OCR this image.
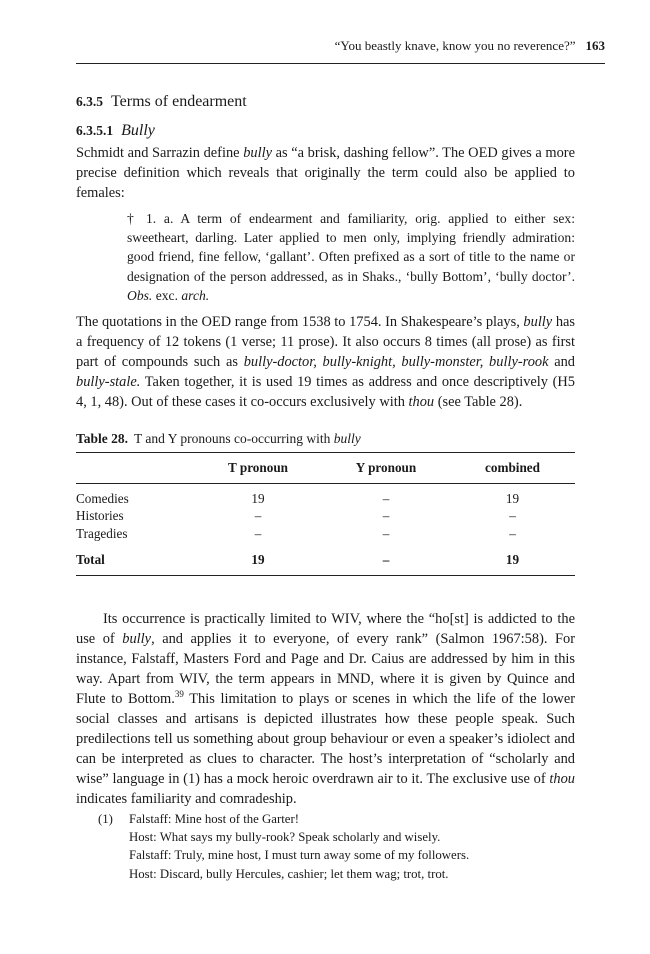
“You beastly knave, know you no reverence?” 163
6.3.5 Terms of endearment
6.3.5.1 Bully
Schmidt and Sarrazin define bully as “a brisk, dashing fellow”. The OED gives a more precise definition which reveals that originally the term could also be applied to females:
† 1. a. A term of endearment and familiarity, orig. applied to either sex: sweetheart, darling. Later applied to men only, implying friendly admiration: good friend, fine fellow, ‘gallant’. Often prefixed as a sort of title to the name or designation of the person addressed, as in Shaks., ‘bully Bottom’, ‘bully doctor’. Obs. exc. arch.
The quotations in the OED range from 1538 to 1754. In Shakespeare’s plays, bully has a frequency of 12 tokens (1 verse; 11 prose). It also occurs 8 times (all prose) as first part of compounds such as bully-doctor, bully-knight, bully-monster, bully-rook and bully-stale. Taken together, it is used 19 times as address and once descriptively (H5 4, 1, 48). Out of these cases it co-occurs exclusively with thou (see Table 28).
Table 28. T and Y pronouns co-occurring with bully
	T pronoun	Y pronoun	combined
Comedies	19	–	19
Histories	–	–	–
Tragedies	–	–	–
Total	19	–	19
Its occurrence is practically limited to WIV, where the “ho[st] is addicted to the use of bully, and applies it to everyone, of every rank” (Salmon 1967:58). For instance, Falstaff, Masters Ford and Page and Dr. Caius are addressed by him in this way. Apart from WIV, the term appears in MND, where it is given by Quince and Flute to Bottom.$^{39}$ This limitation to plays or scenes in which the life of the lower social classes and artisans is depicted illustrates how these people speak. Such predilections tell us something about group behaviour or even a speaker’s idiolect and can be interpreted as clues to character. The host’s interpretation of “scholarly and wise” language in (1) has a mock heroic overdrawn air to it. The exclusive use of thou indicates familiarity and comradeship.
(1) Falstaff: Mine host of the Garter!
Host: What says my bully-rook? Speak scholarly and wisely.
Falstaff: Truly, mine host, I must turn away some of my followers.
Host: Discard, bully Hercules, cashier; let them wag; trot, trot.
